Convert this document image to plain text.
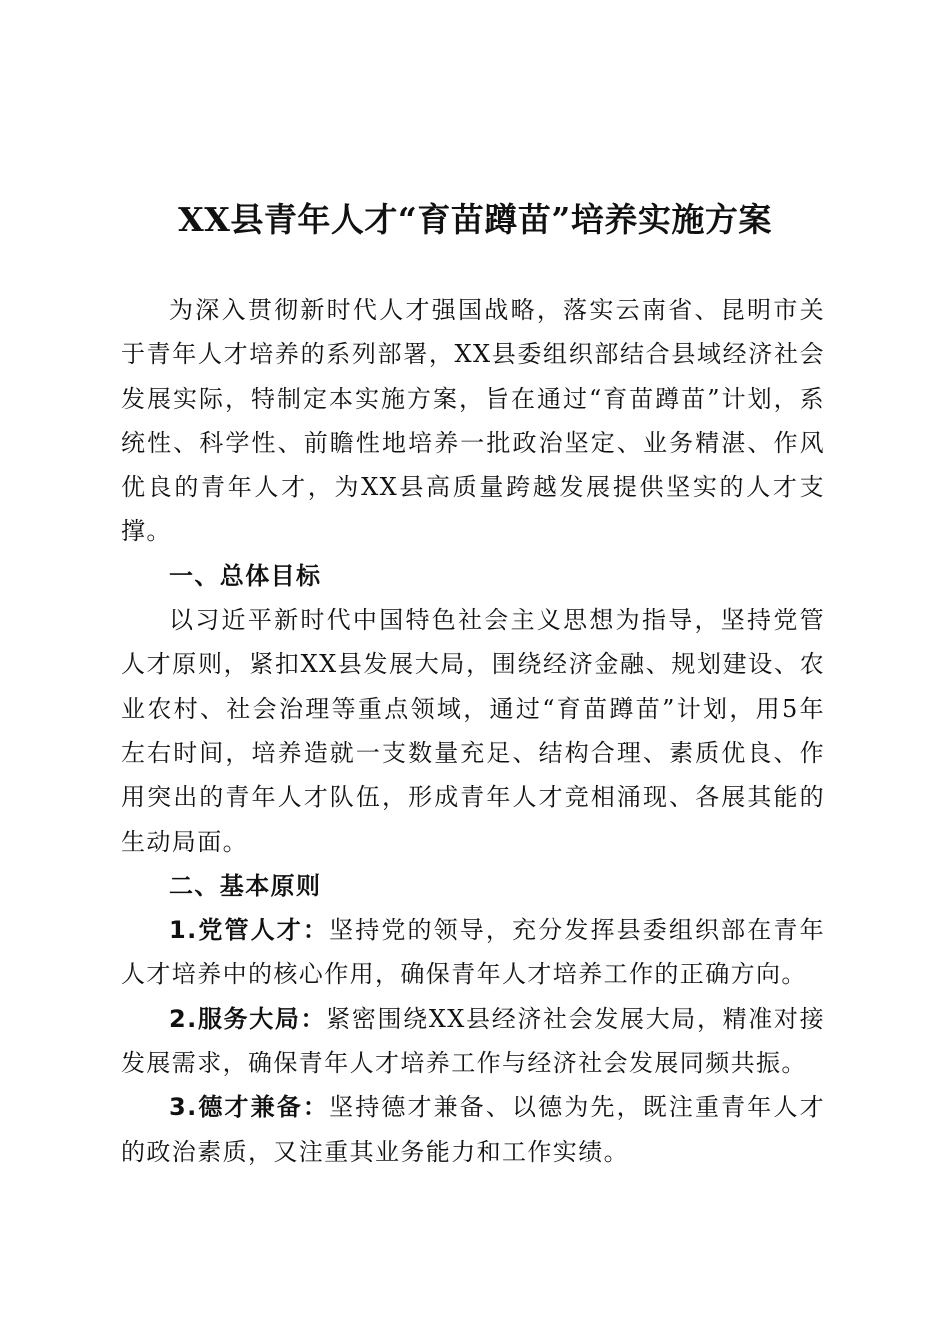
XX县青年人才“育苗蹲苗”培养实施方案

为深入贯彻新时代人才强国战略，落实云南省、昆明市关于青年人才培养的系列部署，XX县委组织部结合县域经济社会发展实际，特制定本实施方案，旨在通过“育苗蹲苗”计划，系统性、科学性、前瞻性地培养一批政治坚定、业务精湛、作风优良的青年人才，为XX县高质量跨越发展提供坚实的人才支撑。

一、总体目标

以习近平新时代中国特色社会主义思想为指导，坚持党管人才原则，紧扣XX县发展大局，围绕经济金融、规划建设、农业农村、社会治理等重点领域，通过“育苗蹲苗”计划，用5年左右时间，培养造就一支数量充足、结构合理、素质优良、作用突出的青年人才队伍，形成青年人才竞相涌现、各展其能的生动局面。

二、基本原则

1.党管人才：坚持党的领导，充分发挥县委组织部在青年人才培养中的核心作用，确保青年人才培养工作的正确方向。

2.服务大局：紧密围绕XX县经济社会发展大局，精准对接发展需求，确保青年人才培养工作与经济社会发展同频共振。

3.德才兼备：坚持德才兼备、以德为先，既注重青年人才的政治素质，又注重其业务能力和工作实绩。
